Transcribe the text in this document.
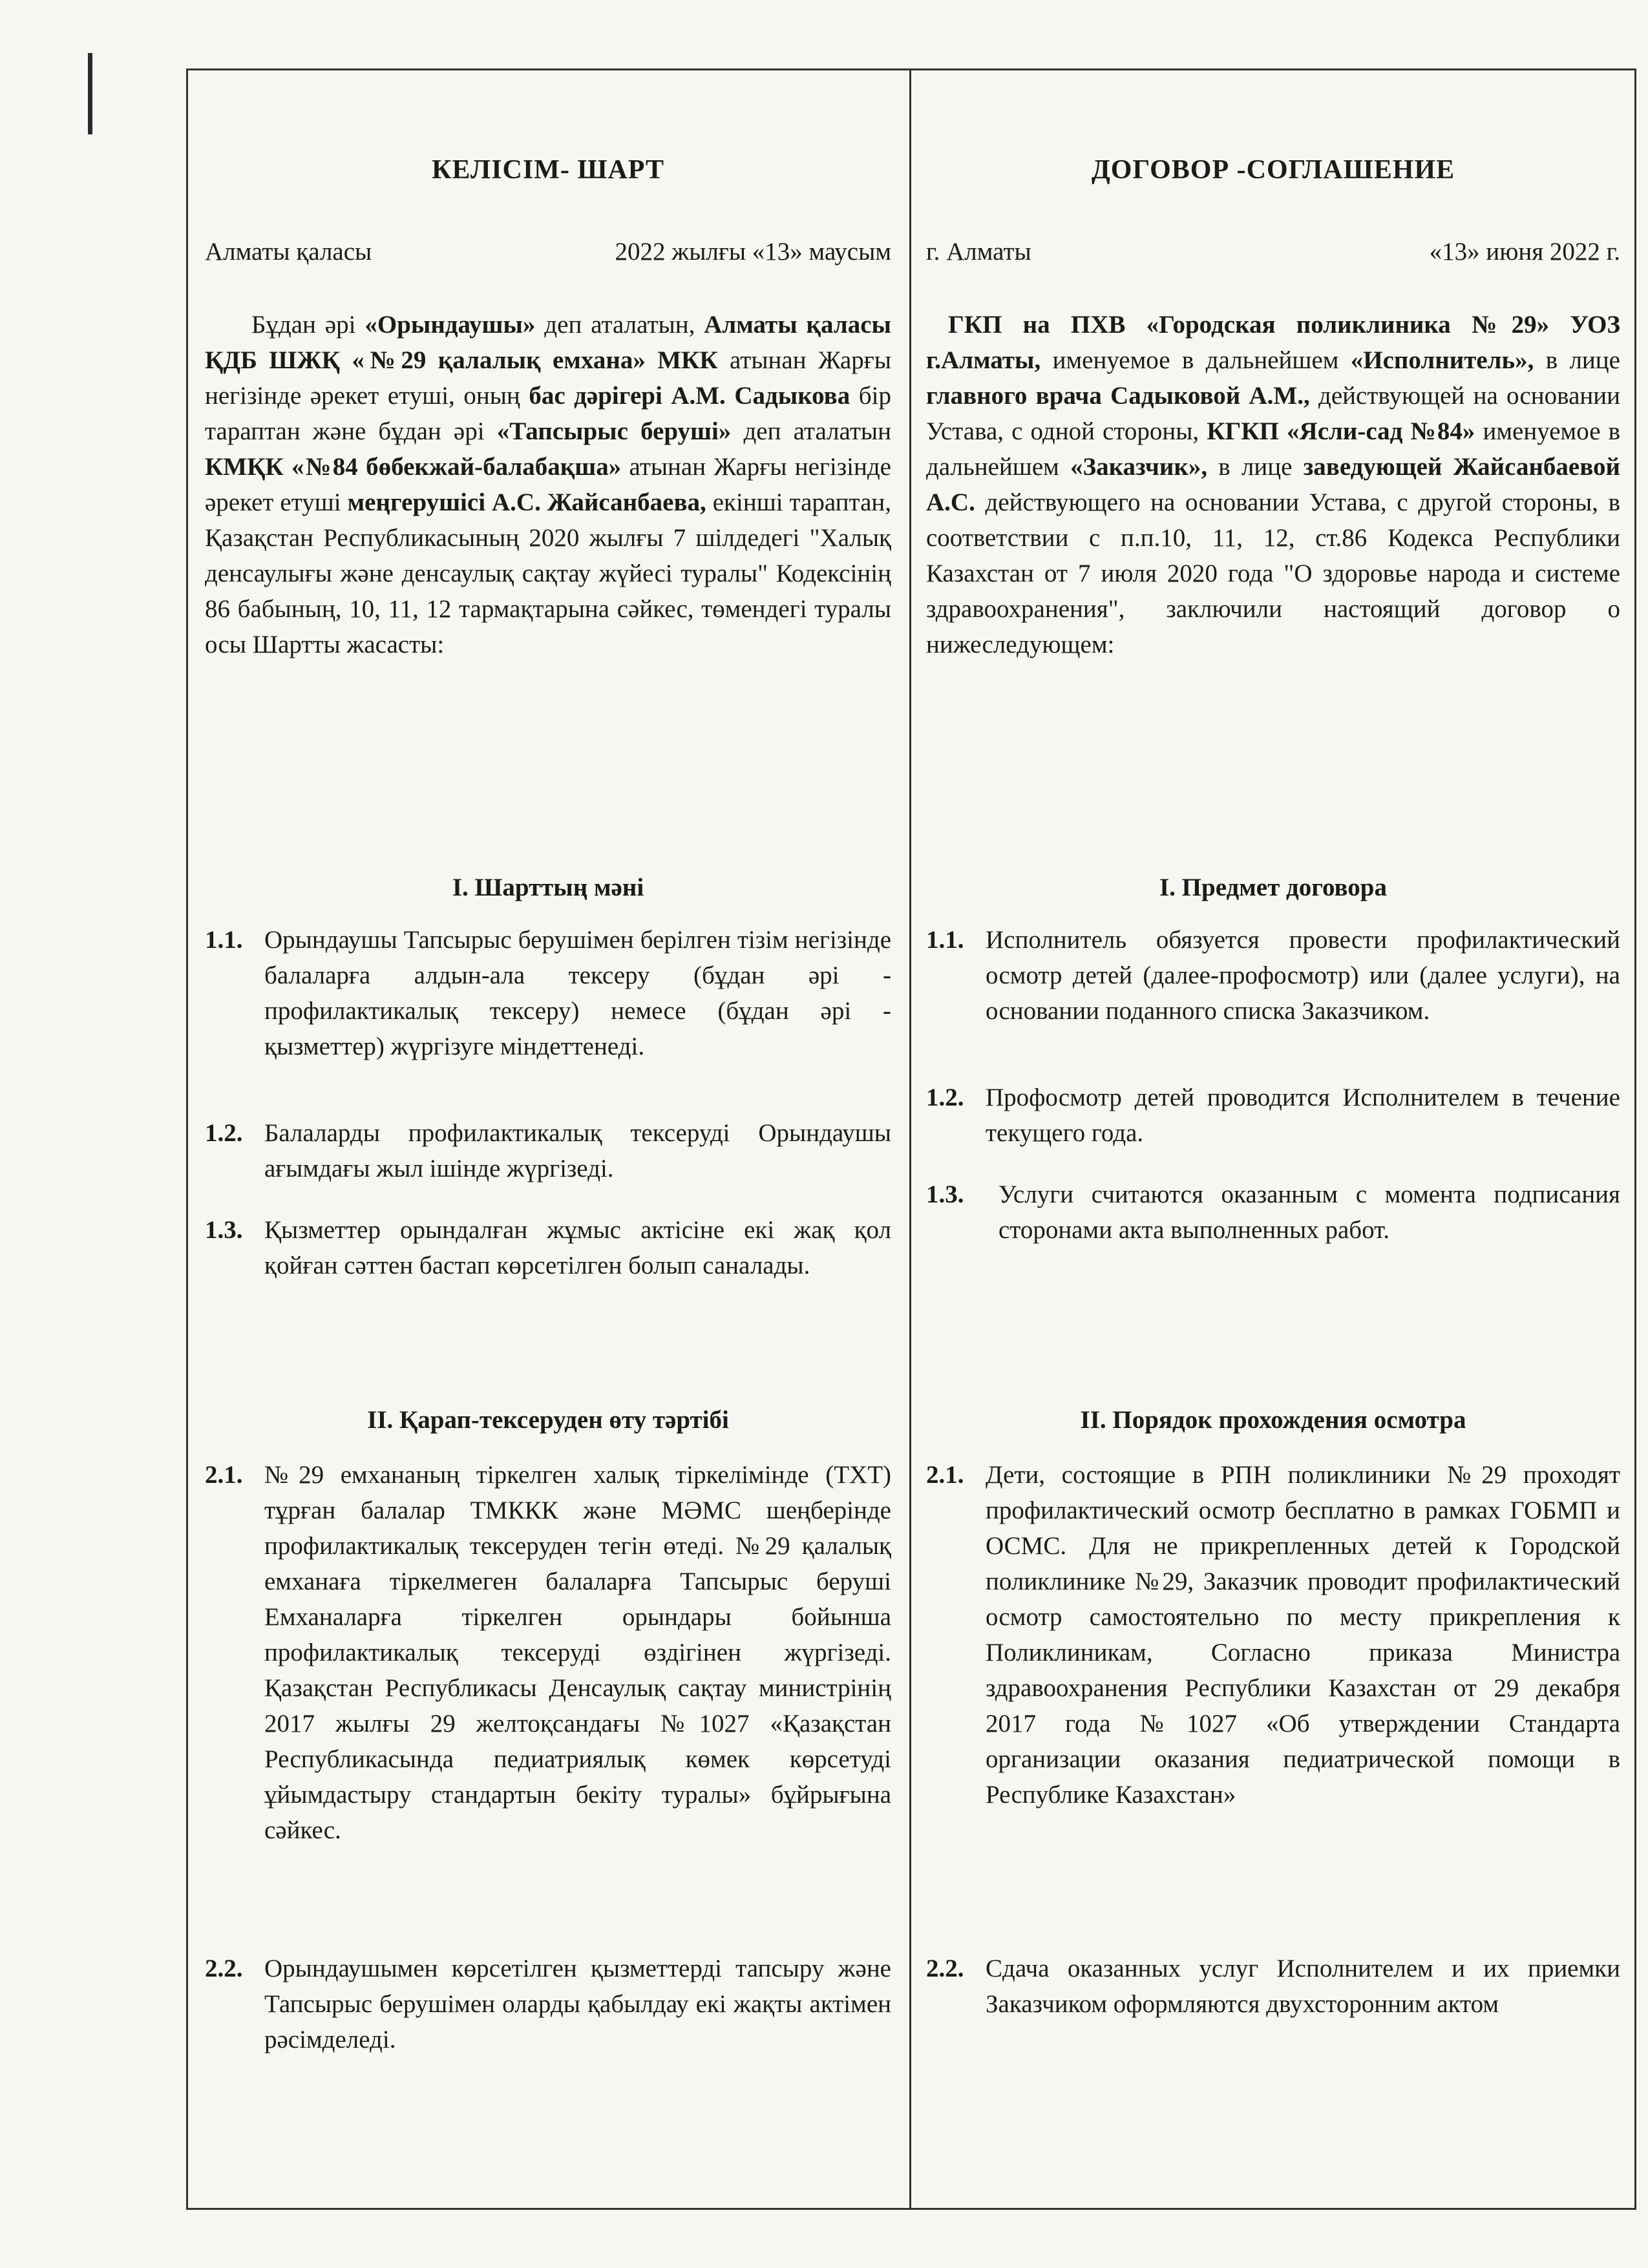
КЕЛІСІМ- ШАРТ
Алматы қаласы	2022 жылғы «13» маусым
Бұдан әрі «Орындаушы» деп аталатын, Алматы қаласы ҚДБ ШЖҚ «№29 қалалық емхана» МКК атынан Жарғы негізінде әрекет етуші, оның бас дәрігері А.М. Садыкова бір тараптан және бұдан әрі «Тапсырыс беруші» деп аталатын КМҚК «№84 бөбекжай-балабақша» атынан Жарғы негізінде әрекет етуші меңгерушісі А.С. Жайсанбаева, екінші тараптан, Қазақстан Республикасының 2020 жылғы 7 шілдедегі "Халық денсаулығы және денсаулық сақтау жүйесі туралы" Кодексінің 86 бабының, 10, 11, 12 тармақтарына сәйкес, төмендегі туралы осы Шартты жасасты:
I. Шарттың мәні
1.1. Орындаушы Тапсырыс берушімен берілген тізім негізінде балаларға алдын-ала тексеру (бұдан әрі - профилактикалық тексеру) немесе (бұдан әрі - қызметтер) жүргізуге міндеттенеді.
1.2. Балаларды профилактикалық тексеруді Орындаушы ағымдағы жыл ішінде жүргізеді.
1.3. Қызметтер орындалған жұмыс актісіне екі жақ қол қойған сәттен бастап көрсетілген болып саналады.
II. Қарап-тексеруден өту тәртібі
2.1. №29 емхананың тіркелген халық тіркелімінде (ТХТ) тұрған балалар ТМККК және МӘМС шеңберінде профилактикалық тексеруден тегін өтеді. №29 қалалық емханаға тіркелмеген балаларға Тапсырыс беруші Емханаларға тіркелген орындары бойынша профилактикалық тексеруді өздігінен жүргізеді. Қазақстан Республикасы Денсаулық сақтау министрінің 2017 жылғы 29 желтоқсандағы №1027 «Қазақстан Республикасында педиатриялық көмек көрсетуді ұйымдастыру стандартын бекіту туралы» бұйрығына сәйкес.
2.2. Орындаушымен көрсетілген қызметтерді тапсыру және Тапсырыс берушімен оларды қабылдау екі жақты актімен рәсімделеді.
ДОГОВОР -СОГЛАШЕНИЕ
г. Алматы	«13» июня 2022 г.
ГКП на ПХВ «Городская поликлиника №29» УОЗ г.Алматы, именуемое в дальнейшем «Исполнитель», в лице главного врача Садыковой А.М., действующей на основании Устава, с одной стороны, КГКП «Ясли-сад №84» именуемое в дальнейшем «Заказчик», в лице заведующей Жайсанбаевой А.С. действующего на основании Устава, с другой стороны, в соответствии с п.п.10, 11, 12, ст.86 Кодекса Республики Казахстан от 7 июля 2020 года "О здоровье народа и системе здравоохранения", заключили настоящий договор о нижеследующем:
I. Предмет договора
1.1. Исполнитель обязуется провести профилактический осмотр детей (далее-профосмотр) или (далее услуги), на основании поданного списка Заказчиком.
1.2. Профосмотр детей проводится Исполнителем в течение текущего года.
1.3. Услуги считаются оказанным с момента подписания сторонами акта выполненных работ.
II. Порядок прохождения осмотра
2.1. Дети, состоящие в РПН поликлиники №29 проходят профилактический осмотр бесплатно в рамках ГОБМП и ОСМС. Для не прикрепленных детей к Городской поликлинике №29, Заказчик проводит профилактический осмотр самостоятельно по месту прикрепления к Поликлиникам, Согласно приказа Министра здравоохранения Республики Казахстан от 29 декабря 2017 года №1027 «Об утверждении Стандарта организации оказания педиатрической помощи в Республике Казахстан»
2.2. Сдача оказанных услуг Исполнителем и их приемки Заказчиком оформляются двухсторонним актом
